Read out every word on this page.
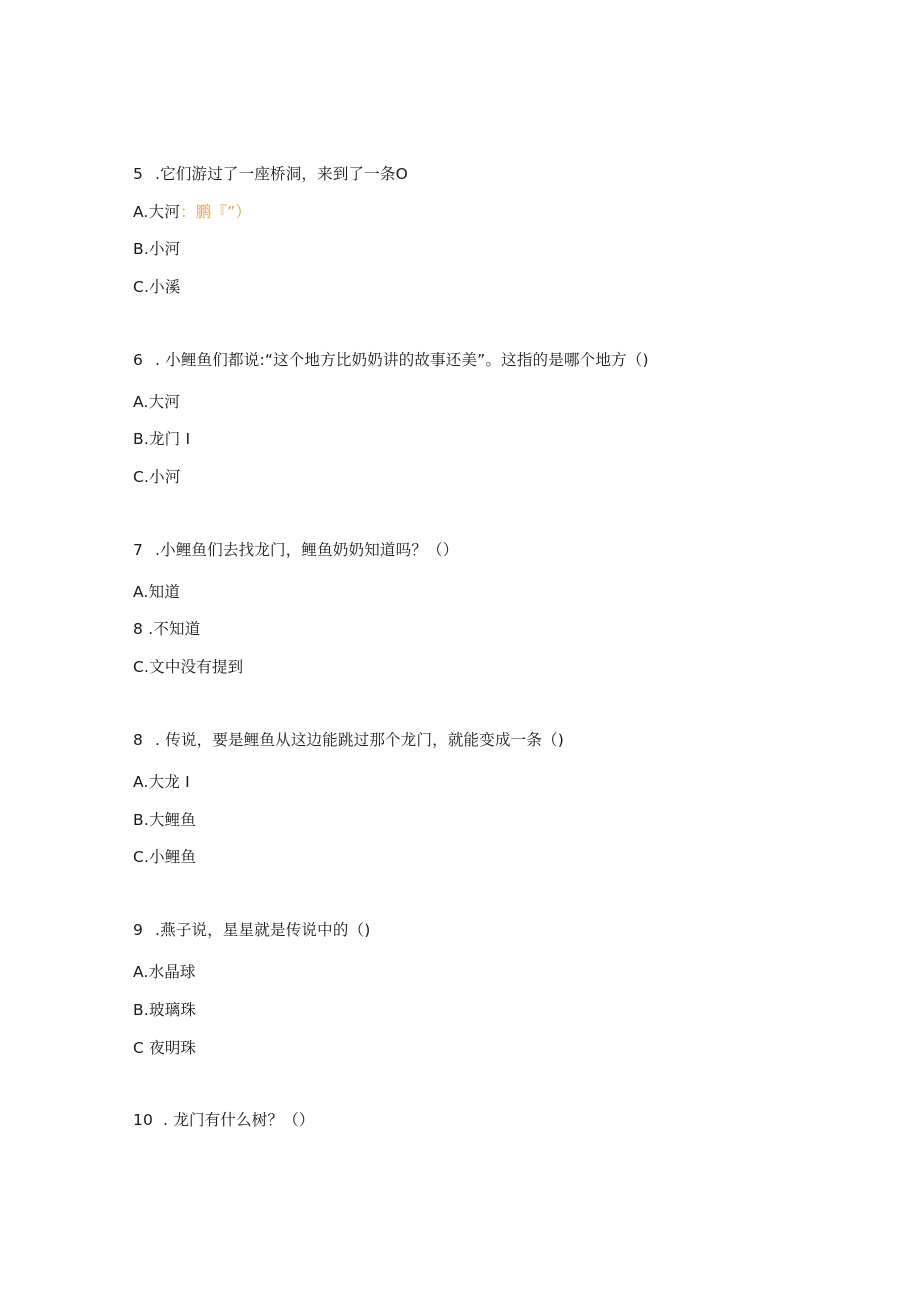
5 .它们游过了一座桥洞，来到了一条O
A.大河：鹏『”）
B.小河
C.小溪
6 . 小鲤鱼们都说:“这个地方比奶奶讲的故事还美”。这指的是哪个地方（)
A.大河
B.龙门 I
C.小河
7 .小鲤鱼们去找龙门，鲤鱼奶奶知道吗？（）
A.知道
8 .不知道
C.文中没有提到
8 . 传说，要是鲤鱼从这边能跳过那个龙门，就能变成一条（)
A.大龙 I
B.大鲤鱼
C.小鲤鱼
9 .燕子说，星星就是传说中的（)
A.水晶球
B.玻璃珠
C 夜明珠
10 . 龙门有什么树？（）
